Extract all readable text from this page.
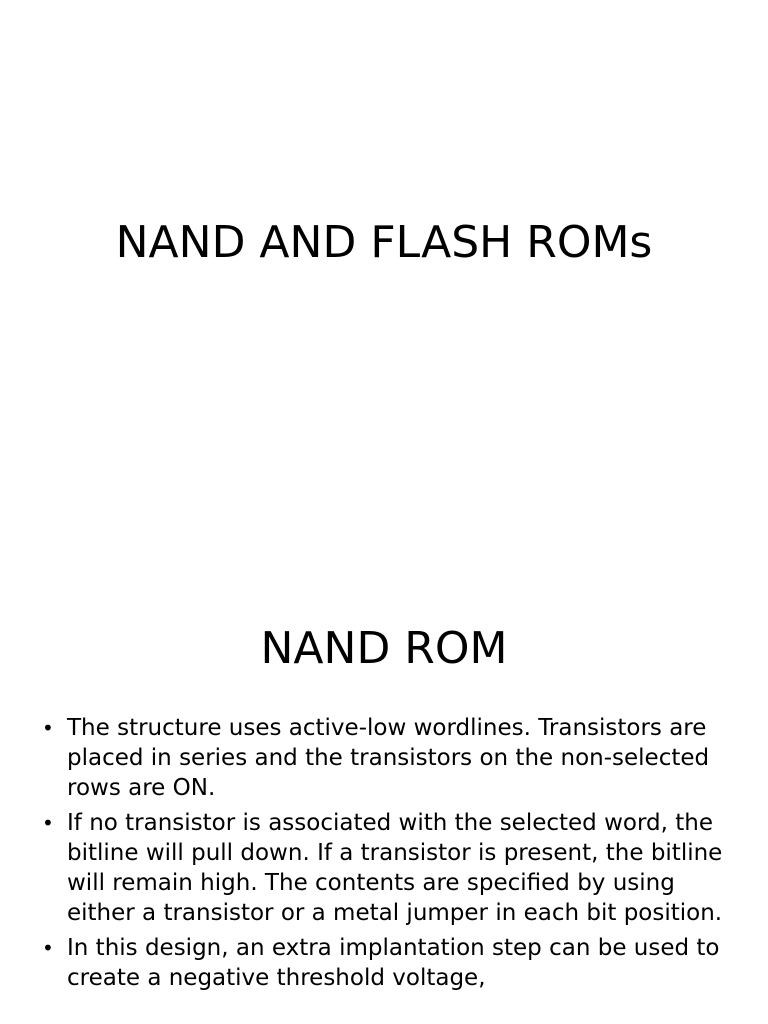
NAND AND FLASH ROMs
NAND ROM
• The structure uses active-low wordlines. Transistors are placed in series and the transistors on the non-selected rows are ON.
• If no transistor is associated with the selected word, the bitline will pull down. If a transistor is present, the bitline will remain high. The contents are specified by using either a transistor or a metal jumper in each bit position.
• In this design, an extra implantation step can be used to create a negative threshold voltage,
